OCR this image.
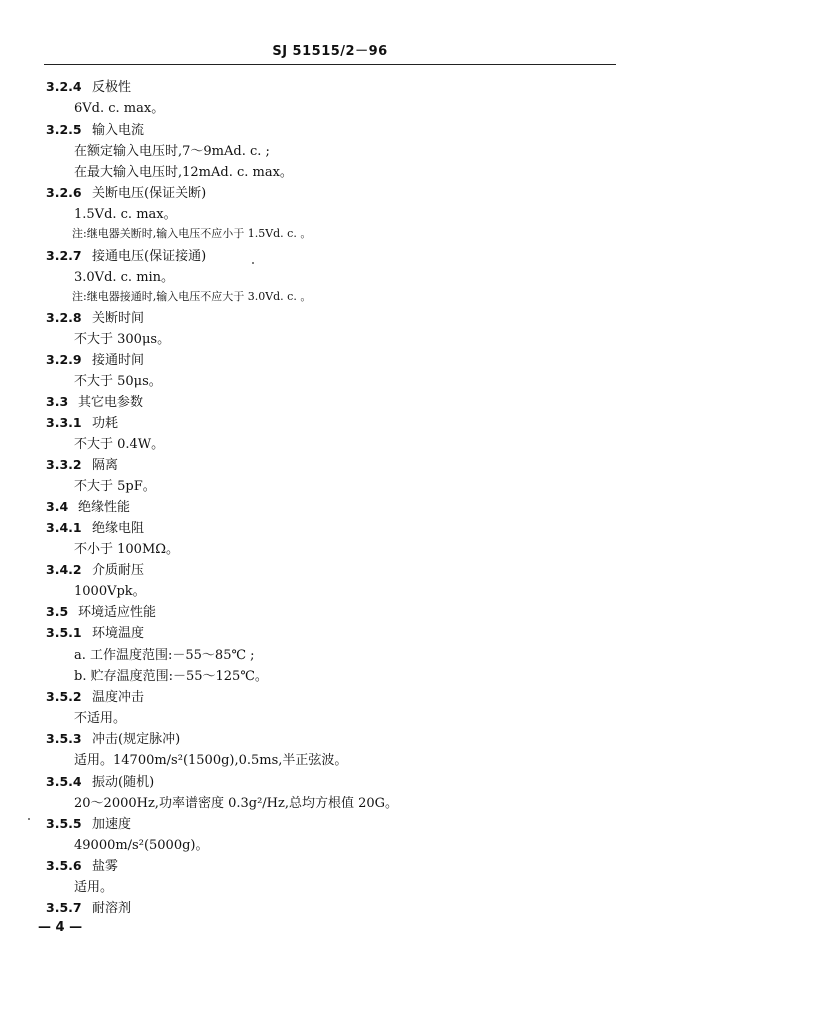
SJ 51515/2－96
3.2.4 反极性
6Vd. c. max。
3.2.5 输入电流
在额定输入电压时,7～9mAd. c. ;
在最大输入电压时,12mAd. c. max。
3.2.6 关断电压(保证关断)
1.5Vd. c. max。
注:继电器关断时,输入电压不应小于 1.5Vd. c. 。
3.2.7 接通电压(保证接通)
3.0Vd. c. min。
注:继电器接通时,输入电压不应大于 3.0Vd. c. 。
3.2.8 关断时间
不大于 300μs。
3.2.9 接通时间
不大于 50μs。
3.3 其它电参数
3.3.1 功耗
不大于 0.4W。
3.3.2 隔离
不大于 5pF。
3.4 绝缘性能
3.4.1 绝缘电阻
不小于 100MΩ。
3.4.2 介质耐压
1000Vpk。
3.5 环境适应性能
3.5.1 环境温度
a. 工作温度范围:－55～85℃ ;
b. 贮存温度范围:－55～125℃。
3.5.2 温度冲击
不适用。
3.5.3 冲击(规定脉冲)
适用。14700m/s²(1500g),0.5ms,半正弦波。
3.5.4 振动(随机)
20～2000Hz,功率谱密度 0.3g²/Hz,总均方根值 20G。
3.5.5 加速度
49000m/s²(5000g)。
3.5.6 盐雾
适用。
3.5.7 耐溶剂
— 4 —
